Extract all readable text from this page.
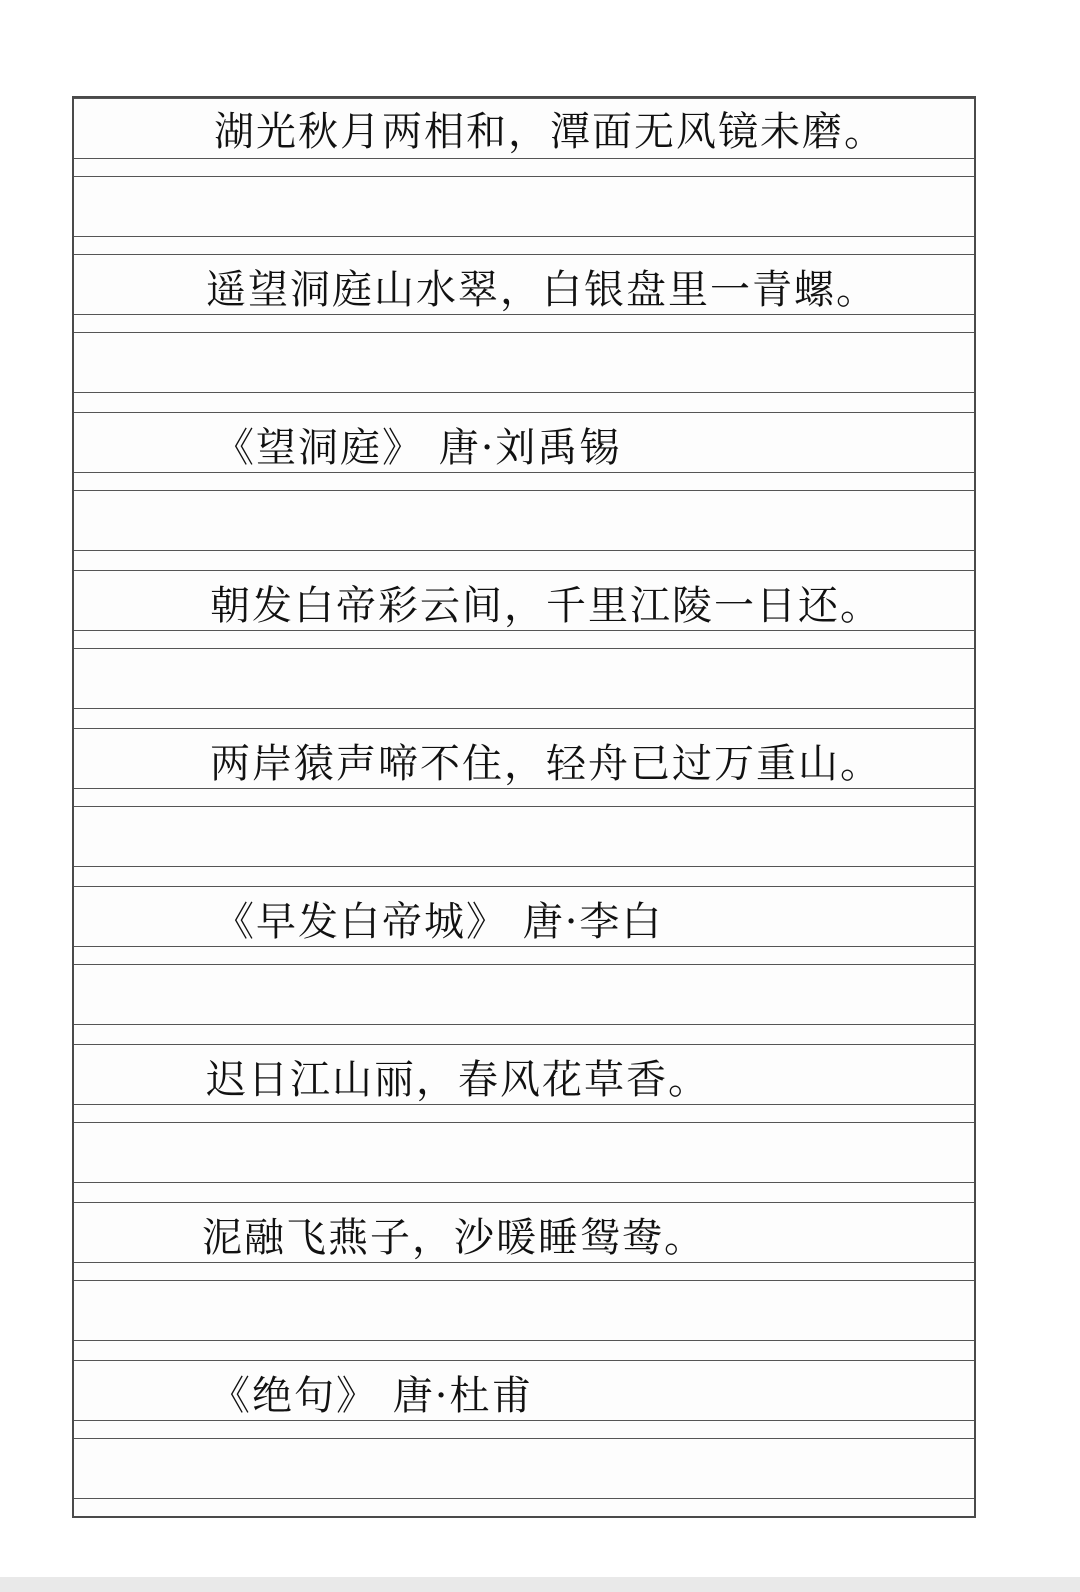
湖光秋月两相和，潭面无风镜未磨。
遥望洞庭山水翠，白银盘里一青螺。
《望洞庭》 唐·刘禹锡
朝发白帝彩云间，千里江陵一日还。
两岸猿声啼不住，轻舟已过万重山。
《早发白帝城》 唐·李白
迟日江山丽，春风花草香。
泥融飞燕子，沙暖睡鸳鸯。
《绝句》 唐·杜甫
